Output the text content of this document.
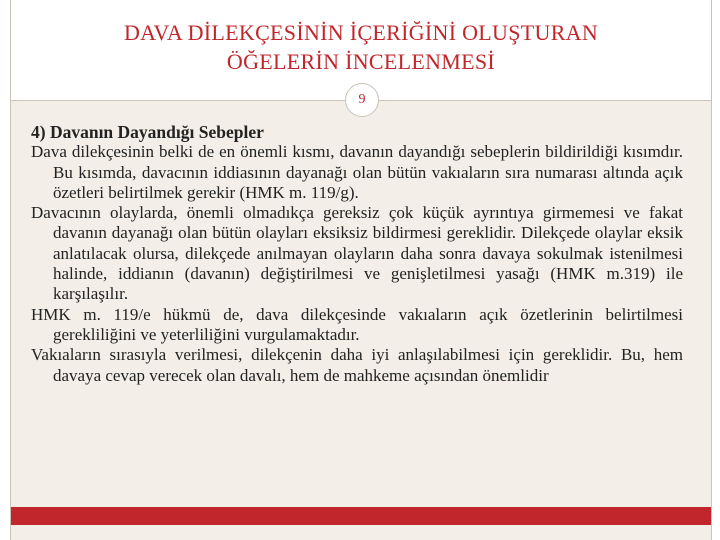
DAVA DİLEKÇESİNİN İÇERİĞİNİ OLUŞTURAN
ÖĞELERİN İNCELENMESİ
9

4) Davanın Dayandığı Sebepler

Dava dilekçesinin belki de en önemli kısmı, davanın dayandığı sebeplerin bildirildiği kısımdır. Bu kısımda, davacının iddiasının dayanağı olan bütün vakıaların sıra numarası altında açık özetleri belirtilmek gerekir (HMK m. 119/g).

Davacının olaylarda, önemli olmadıkça gereksiz çok küçük ayrıntıya girmemesi ve fakat davanın dayanağı olan bütün olayları eksiksiz bildirmesi gereklidir. Dilekçede olaylar eksik anlatılacak olursa, dilekçede anılmayan olayların daha sonra davaya sokulmak istenilmesi halinde, iddianın (davanın) değiştirilmesi ve genişletilmesi yasağı (HMK m.319) ile karşılaşılır.

HMK m. 119/e hükmü de, dava dilekçesinde vakıaların açık özetlerinin belirtilmesi gerekliliğini ve yeterliliğini vurgulamaktadır.

Vakıaların sırasıyla verilmesi, dilekçenin daha iyi anlaşılabilmesi için gereklidir. Bu, hem davaya cevap verecek olan davalı, hem de mahkeme açısından önemlidir
